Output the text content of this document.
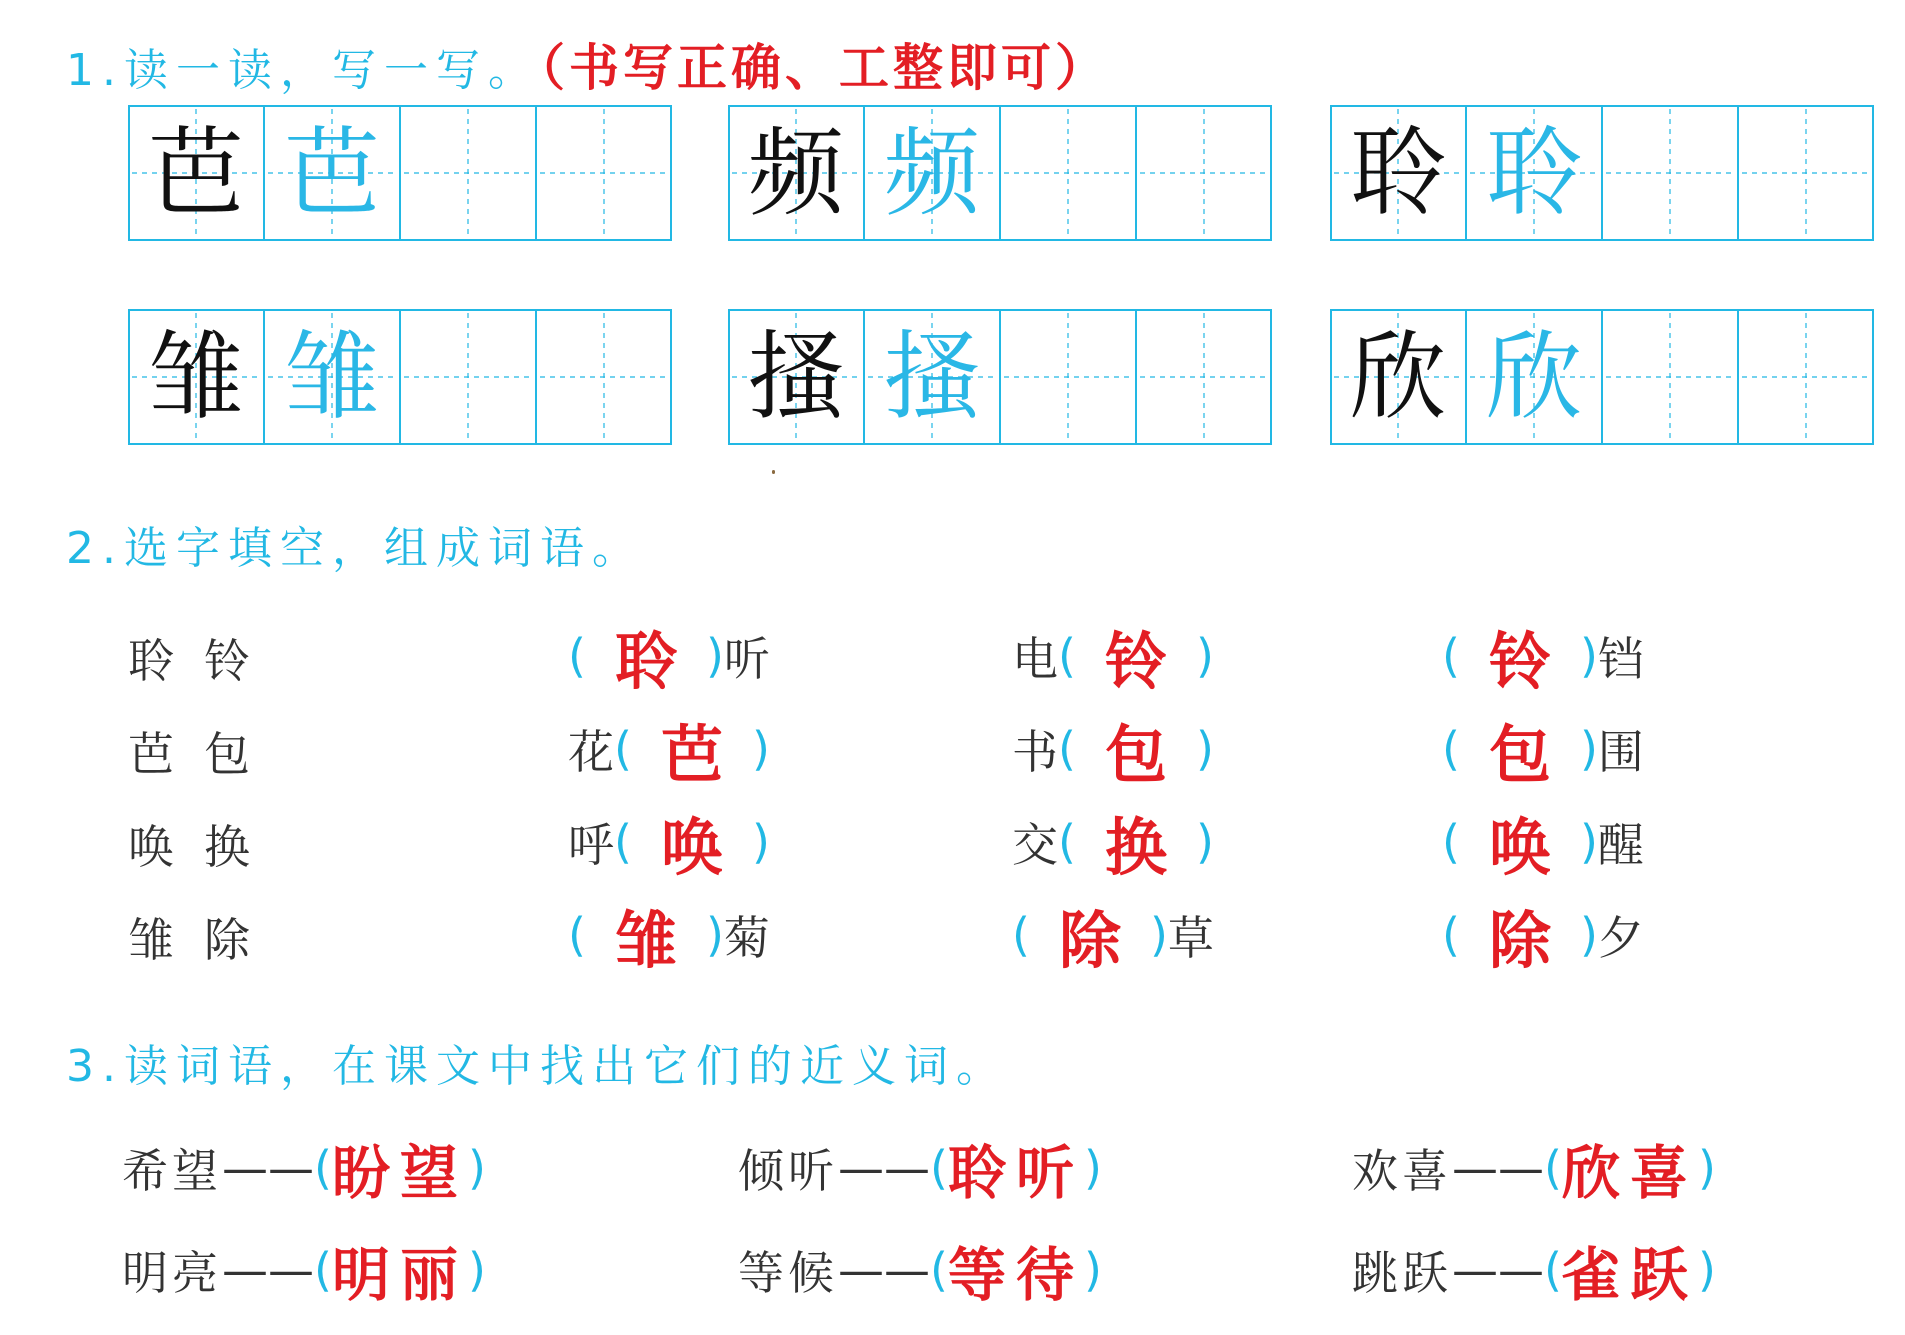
1.读一读，写一写。（书写正确、工整即可）
芭 芭	频 频	聆 聆
雏 雏	搔 搔	欣 欣
2.选字填空，组成词语。
聆铃	( 聆 ) 听	电 ( 铃 )	( 铃 ) 铛
芭包	花 ( 芭 )	书 ( 包 )	( 包 ) 围
唤换	呼 ( 唤 )	交 ( 换 )	( 唤 ) 醒
雏除	( 雏 ) 菊	( 除 ) 草	( 除 ) 夕
3.读词语，在课文中找出它们的近义词。
希望 —— ( 盼望 )	倾听 —— ( 聆听 )	欢喜 —— ( 欣喜 )
明亮 —— ( 明丽 )	等候 —— ( 等待 )	跳跃 —— ( 雀跃 )
